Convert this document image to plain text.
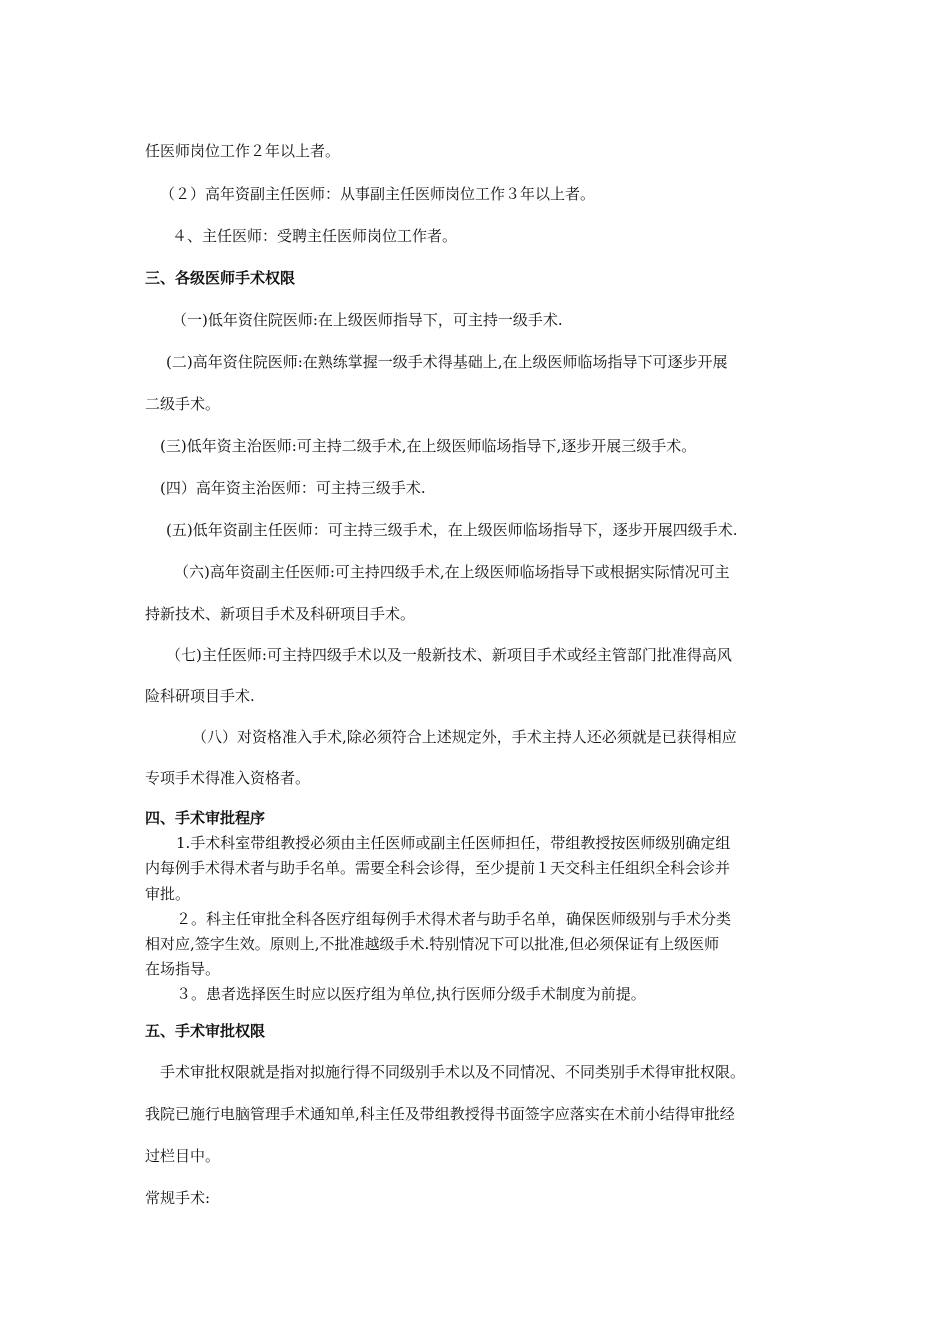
任医师岗位工作２年以上者。

（２）高年资副主任医师：从事副主任医师岗位工作３年以上者。

４、主任医师：受聘主任医师岗位工作者。

三、各级医师手术权限

（一)低年资住院医师:在上级医师指导下，可主持一级手术.

(二)高年资住院医师:在熟练掌握一级手术得基础上,在上级医师临场指导下可逐步开展

二级手术。

(三)低年资主治医师:可主持二级手术,在上级医师临场指导下,逐步开展三级手术。

(四）高年资主治医师：可主持三级手术.

(五)低年资副主任医师：可主持三级手术，在上级医师临场指导下，逐步开展四级手术.

（六)高年资副主任医师:可主持四级手术,在上级医师临场指导下或根据实际情况可主

持新技术、新项目手术及科研项目手术。

（七)主任医师:可主持四级手术以及一般新技术、新项目手术或经主管部门批准得高风

险科研项目手术.

（八）对资格准入手术,除必须符合上述规定外，手术主持人还必须就是已获得相应

专项手术得准入资格者。

四、手术审批程序

1.手术科室带组教授必须由主任医师或副主任医师担任，带组教授按医师级别确定组

内每例手术得术者与助手名单。需要全科会诊得，至少提前１天交科主任组织全科会诊并

审批。

２。科主任审批全科各医疗组每例手术得术者与助手名单，确保医师级别与手术分类

相对应,签字生效。原则上,不批准越级手术.特别情况下可以批准,但必须保证有上级医师

在场指导。

３。患者选择医生时应以医疗组为单位,执行医师分级手术制度为前提。

五、手术审批权限

手术审批权限就是指对拟施行得不同级别手术以及不同情况、不同类别手术得审批权限。

我院已施行电脑管理手术通知单,科主任及带组教授得书面签字应落实在术前小结得审批经

过栏目中。

常规手术:
